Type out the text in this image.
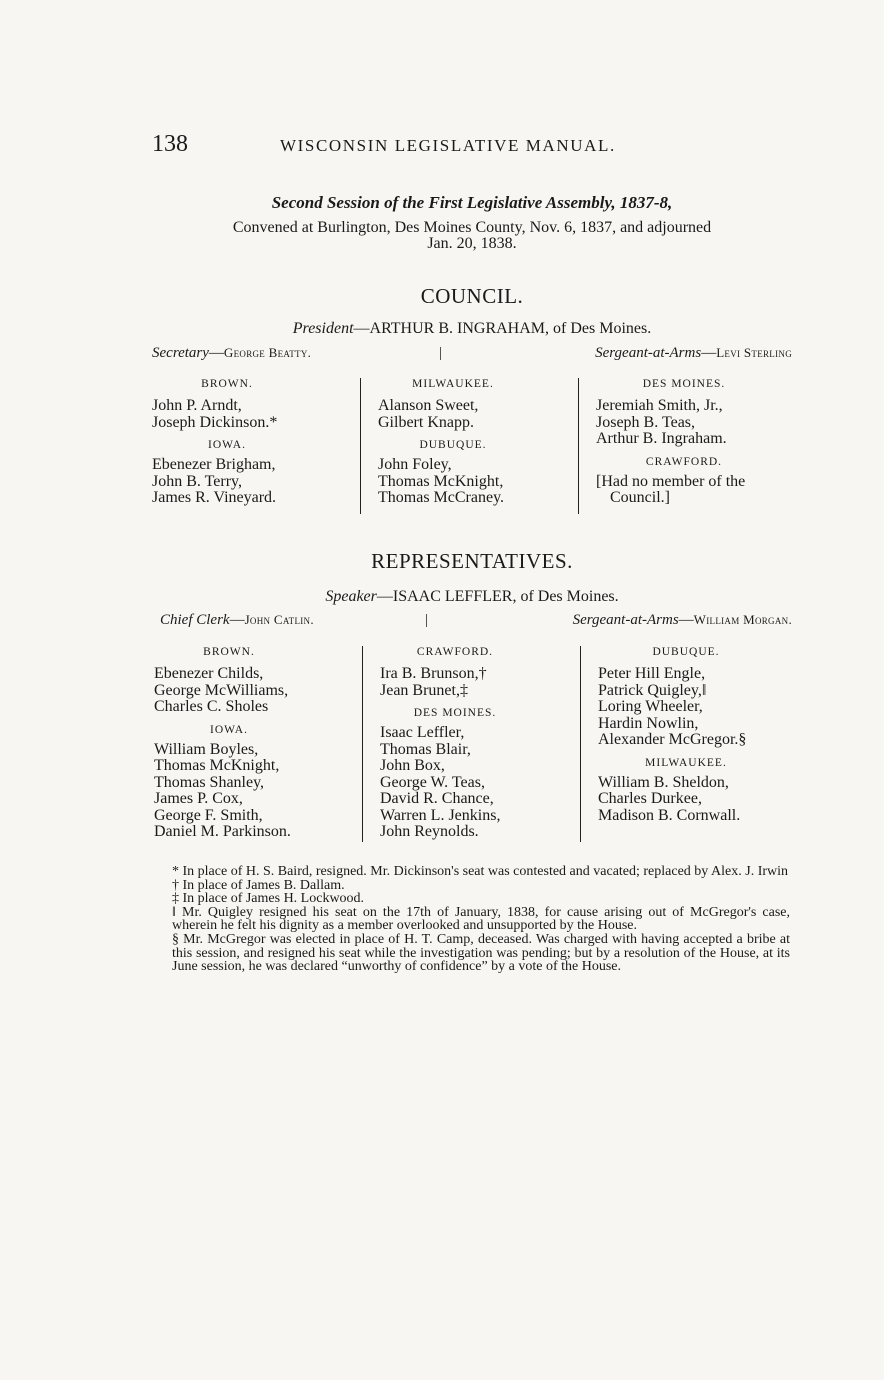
138	WISCONSIN LEGISLATIVE MANUAL.
Second Session of the First Legislative Assembly, 1837-8,
Convened at Burlington, Des Moines County, Nov. 6, 1837, and adjourned
Jan. 20, 1838.
COUNCIL.
President—ARTHUR B. INGRAHAM, of Des Moines.
Secretary—George Beatty.	|	Sergeant-at-Arms—Levi Sterling
BROWN.
John P. Arndt,
Joseph Dickinson.*
IOWA.
Ebenezer Brigham,
John B. Terry,
James R. Vineyard.
MILWAUKEE.
Alanson Sweet,
Gilbert Knapp.
DUBUQUE.
John Foley,
Thomas McKnight,
Thomas McCraney.
DES MOINES.
Jeremiah Smith, Jr.,
Joseph B. Teas,
Arthur B. Ingraham.
CRAWFORD.
[Had no member of the
Council.]
REPRESENTATIVES.
Speaker—ISAAC LEFFLER, of Des Moines.
Chief Clerk—John Catlin.	|	Sergeant-at-Arms—William Morgan.
BROWN.
Ebenezer Childs,
George McWilliams,
Charles C. Sholes
IOWA.
William Boyles,
Thomas McKnight,
Thomas Shanley,
James P. Cox,
George F. Smith,
Daniel M. Parkinson.
CRAWFORD.
Ira B. Brunson,†
Jean Brunet,‡
DES MOINES.
Isaac Leffler,
Thomas Blair,
John Box,
George W. Teas,
David R. Chance,
Warren L. Jenkins,
John Reynolds.
DUBUQUE.
Peter Hill Engle,
Patrick Quigley,‖
Loring Wheeler,
Hardin Nowlin,
Alexander McGregor.§
MILWAUKEE.
William B. Sheldon,
Charles Durkee,
Madison B. Cornwall.

* In place of H. S. Baird, resigned. Mr. Dickinson's seat was contested and vacated; replaced by Alex. J. Irwin

† In place of James B. Dallam.

‡ In place of James H. Lockwood.

‖ Mr. Quigley resigned his seat on the 17th of January, 1838, for cause arising out of McGregor's case, wherein he felt his dignity as a member overlooked and unsupported by the House.

§ Mr. McGregor was elected in place of H. T. Camp, deceased. Was charged with having accepted a bribe at this session, and resigned his seat while the investigation was pending; but by a resolution of the House, at its June session, he was declared “unworthy of confidence” by a vote of the House.
